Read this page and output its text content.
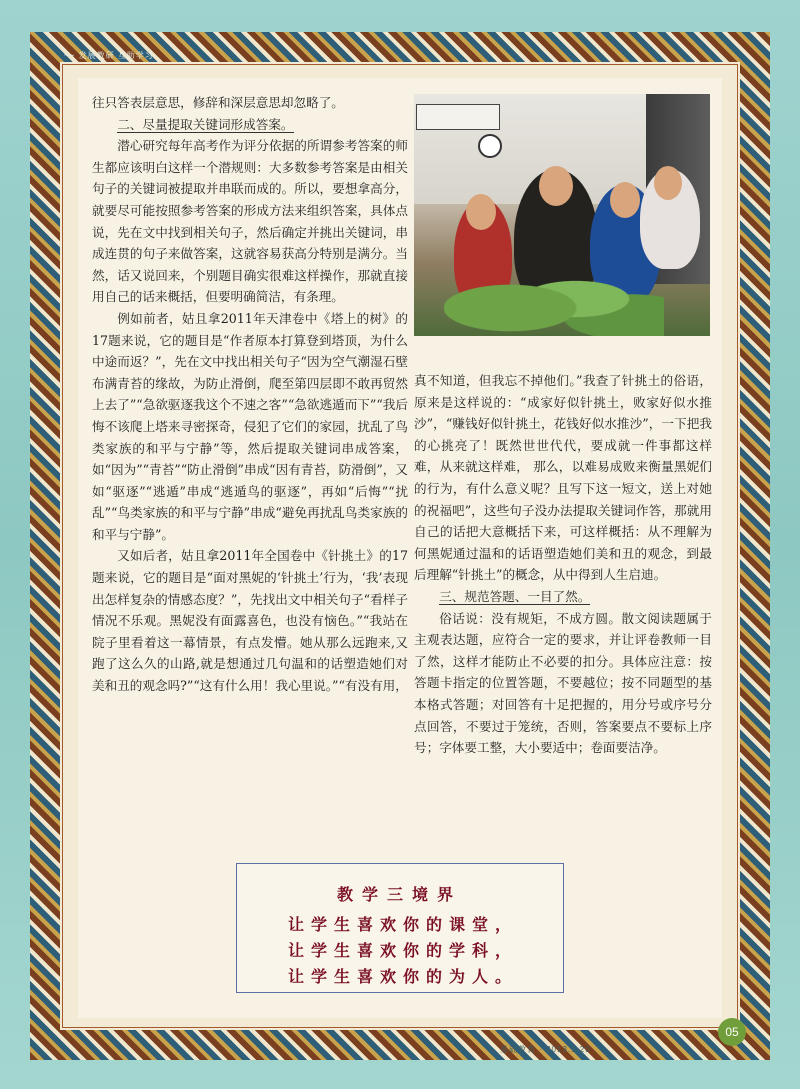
~~ 发展教研 互助学习

往只答表层意思，修辞和深层意思却忽略了。

二、尽量提取关键词形成答案。

潜心研究每年高考作为评分依据的所谓参考答案的师生都应该明白这样一个潜规则：大多数参考答案是由相关句子的关键词被提取并串联而成的。所以，要想拿高分，就要尽可能按照参考答案的形成方法来组织答案，具体点说，先在文中找到相关句子，然后确定并挑出关键词，串成连贯的句子来做答案，这就容易获高分特别是满分。当然，话又说回来，个别题目确实很难这样操作，那就直接用自己的话来概括，但要明确简洁，有条理。

例如前者，姑且拿2011年天津卷中《塔上的树》的17题来说，它的题目是“作者原本打算登到塔顶，为什么中途而返？”，先在文中找出相关句子“因为空气潮湿石壁布满青苔的缘故，为防止滑倒，爬至第四层即不敢再贸然上去了”“急欲驱逐我这个不速之客”“急欲逃遁而下”“我后悔不该爬上塔来寻密探奇，侵犯了它们的家园，扰乱了鸟类家族的和平与宁静”等，然后提取关键词串成答案，如“因为”“青苔”“防止滑倒”串成“因有青苔，防滑倒”，又如“驱逐”“逃遁”串成“逃遁鸟的驱逐”，再如“后悔”“扰乱”“鸟类家族的和平与宁静”串成“避免再扰乱鸟类家族的和平与宁静”。

又如后者，姑且拿2011年全国卷中《针挑土》的17题来说，它的题目是“面对黑妮的‘针挑土’行为，‘我’表现出怎样复杂的情感态度？”，先找出文中相关句子“看样子情况不乐观。黑妮没有面露喜色，也没有恼色。”“我站在院子里看着这一幕情景，有点发懵。她从那么远跑来,又跑了这么久的山路,就是想通过几句温和的话塑造她们对美和丑的观念吗?”“这有什么用！我心里说。”“有没有用，

真不知道，但我忘不掉他们。”我查了针挑土的俗语，原来是这样说的：“成家好似针挑土，败家好似水推沙”，“赚钱好似针挑土，花钱好似水推沙”，一下把我的心挑亮了！既然世世代代，要成就一件事都这样难，从来就这样难， 那么，以难易成败来衡量黑妮们的行为，有什么意义呢？且写下这一短文，送上对她的祝福吧”，这些句子没办法提取关键词作答，那就用自己的话把大意概括下来，可这样概括：从不理解为何黑妮通过温和的话语塑造她们美和丑的观念，到最后理解“针挑土”的概念，从中得到人生启迪。

三、规范答题、一目了然。

俗话说：没有规矩，不成方圆。散文阅读题属于主观表达题，应符合一定的要求，并让评卷教师一目了然，这样才能防止不必要的扣分。具体应注意：按答题卡指定的位置答题，不要越位；按不同题型的基本格式答题；对回答有十足把握的，用分号或序号分点回答，不要过于笼统，否则，答案要点不要标上序号；字体要工整，大小要适中；卷面要洁净。

教学三境界
让学生喜欢你的课堂，
让学生喜欢你的学科，
让学生喜欢你的为人。
05
基础教育 · 2013.1.20
